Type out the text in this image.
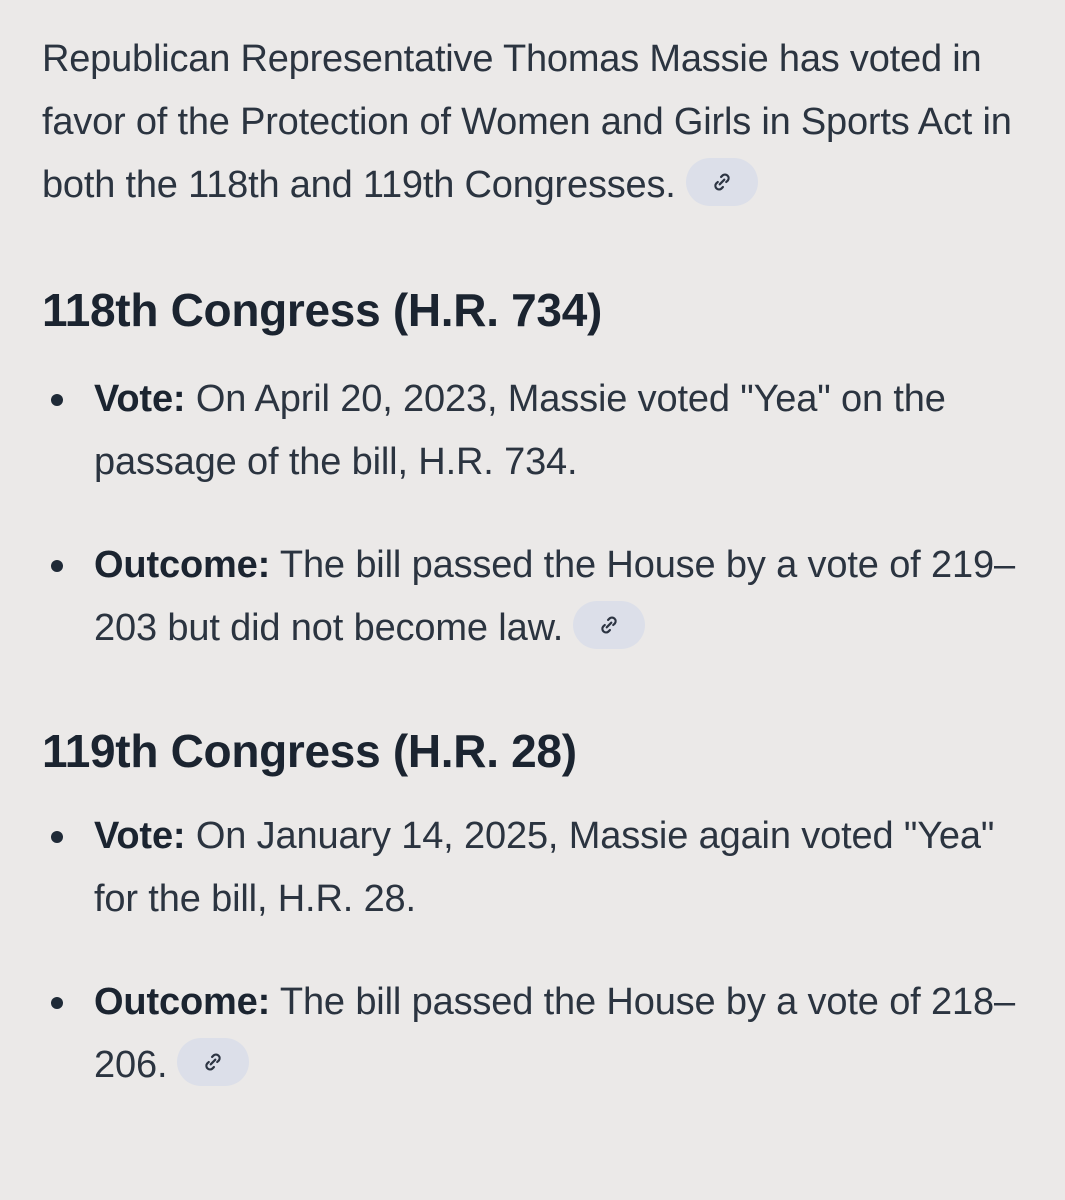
Republican Representative Thomas Massie has voted in favor of the Protection of Women and Girls in Sports Act in both the 118th and 119th Congresses.

118th Congress (H.R. 734)
Vote: On April 20, 2023, Massie voted "Yea" on the passage of the bill, H.R. 734.
Outcome: The bill passed the House by a vote of 219–203 but did not become law.
119th Congress (H.R. 28)
Vote: On January 14, 2025, Massie again voted "Yea" for the bill, H.R. 28.
Outcome: The bill passed the House by a vote of 218–206.
